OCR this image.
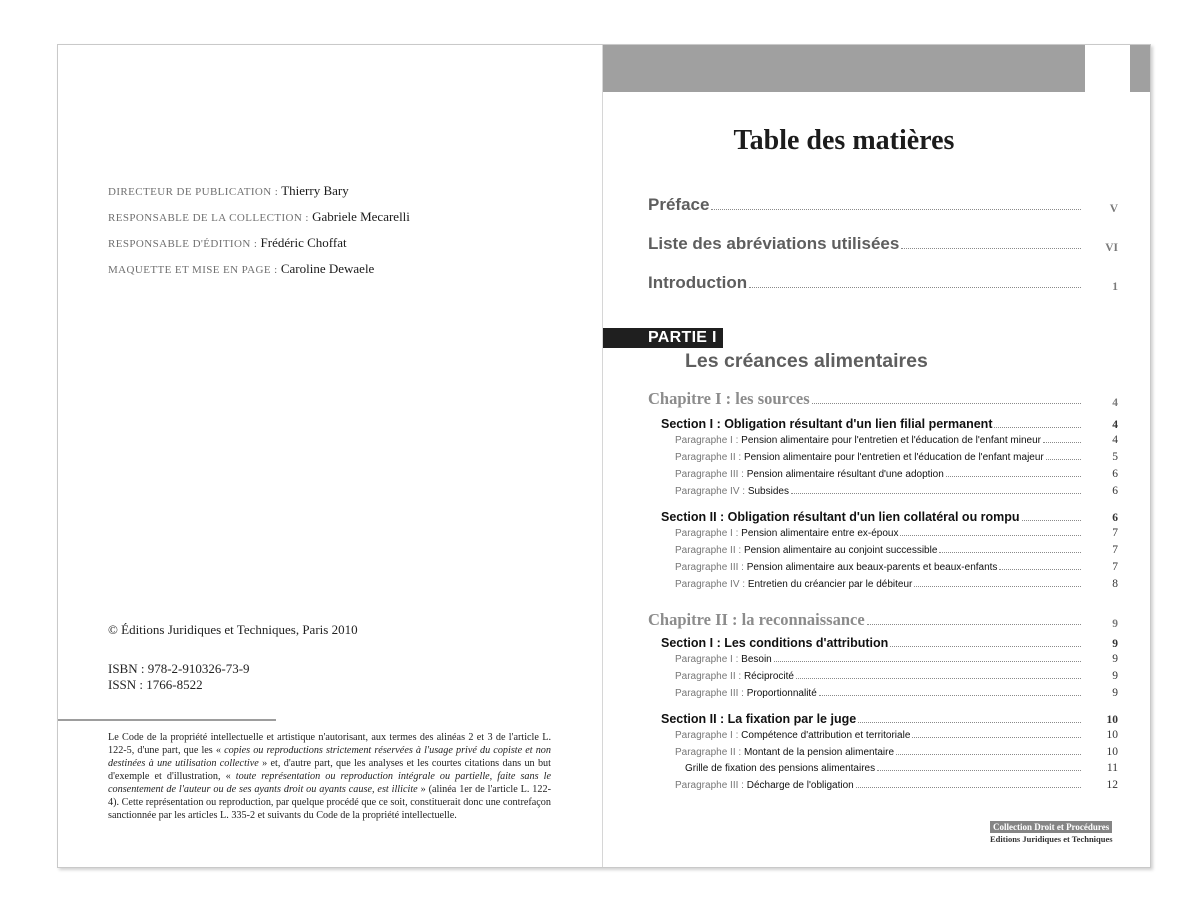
DIRECTEUR DE PUBLICATION : Thierry Bary
RESPONSABLE DE LA COLLECTION : Gabriele Mecarelli
RESPONSABLE D'ÉDITION : Frédéric Choffat
MAQUETTE ET MISE EN PAGE : Caroline Dewaele
© Éditions Juridiques et Techniques, Paris 2010
ISBN : 978-2-910326-73-9
ISSN : 1766-8522
Le Code de la propriété intellectuelle et artistique n'autorisant, aux termes des alinéas 2 et 3 de l'article L. 122-5, d'une part, que les « copies ou reproductions strictement réservées à l'usage privé du copiste et non destinées à une utilisation collective » et, d'autre part, que les analyses et les courtes citations dans un but d'exemple et d'illustration, « toute représentation ou reproduction intégrale ou partielle, faite sans le consentement de l'auteur ou de ses ayants droit ou ayants cause, est illicite » (alinéa 1er de l'article L. 122-4). Cette représentation ou reproduction, par quelque procédé que ce soit, constituerait donc une contrefaçon sanctionnée par les articles L. 335-2 et suivants du Code de la propriété intellectuelle.
Table des matières
Préface	V
Liste des abréviations utilisées	VI
Introduction	1
PARTIE I
Les créances alimentaires
Chapitre I : les sources	4
Section I : Obligation résultant d'un lien filial permanent	4
Paragraphe I : Pension alimentaire pour l'entretien et l'éducation de l'enfant mineur	4
Paragraphe II : Pension alimentaire pour l'entretien et l'éducation de l'enfant majeur	5
Paragraphe III : Pension alimentaire résultant d'une adoption	6
Paragraphe IV : Subsides	6
Section II : Obligation résultant d'un lien collatéral ou rompu	6
Paragraphe I : Pension alimentaire entre ex-époux	7
Paragraphe II : Pension alimentaire au conjoint successible	7
Paragraphe III : Pension alimentaire aux beaux-parents et beaux-enfants	7
Paragraphe IV : Entretien du créancier par le débiteur	8
Chapitre II : la reconnaissance	9
Section I : Les conditions d'attribution	9
Paragraphe I : Besoin	9
Paragraphe II : Réciprocité	9
Paragraphe III : Proportionnalité	9
Section II : La fixation par le juge	10
Paragraphe I : Compétence d'attribution et territoriale	10
Paragraphe II : Montant de la pension alimentaire	10
Grille de fixation des pensions alimentaires	11
Paragraphe III : Décharge de l'obligation	12
Collection Droit et Procédures
Editions Juridiques et Techniques
